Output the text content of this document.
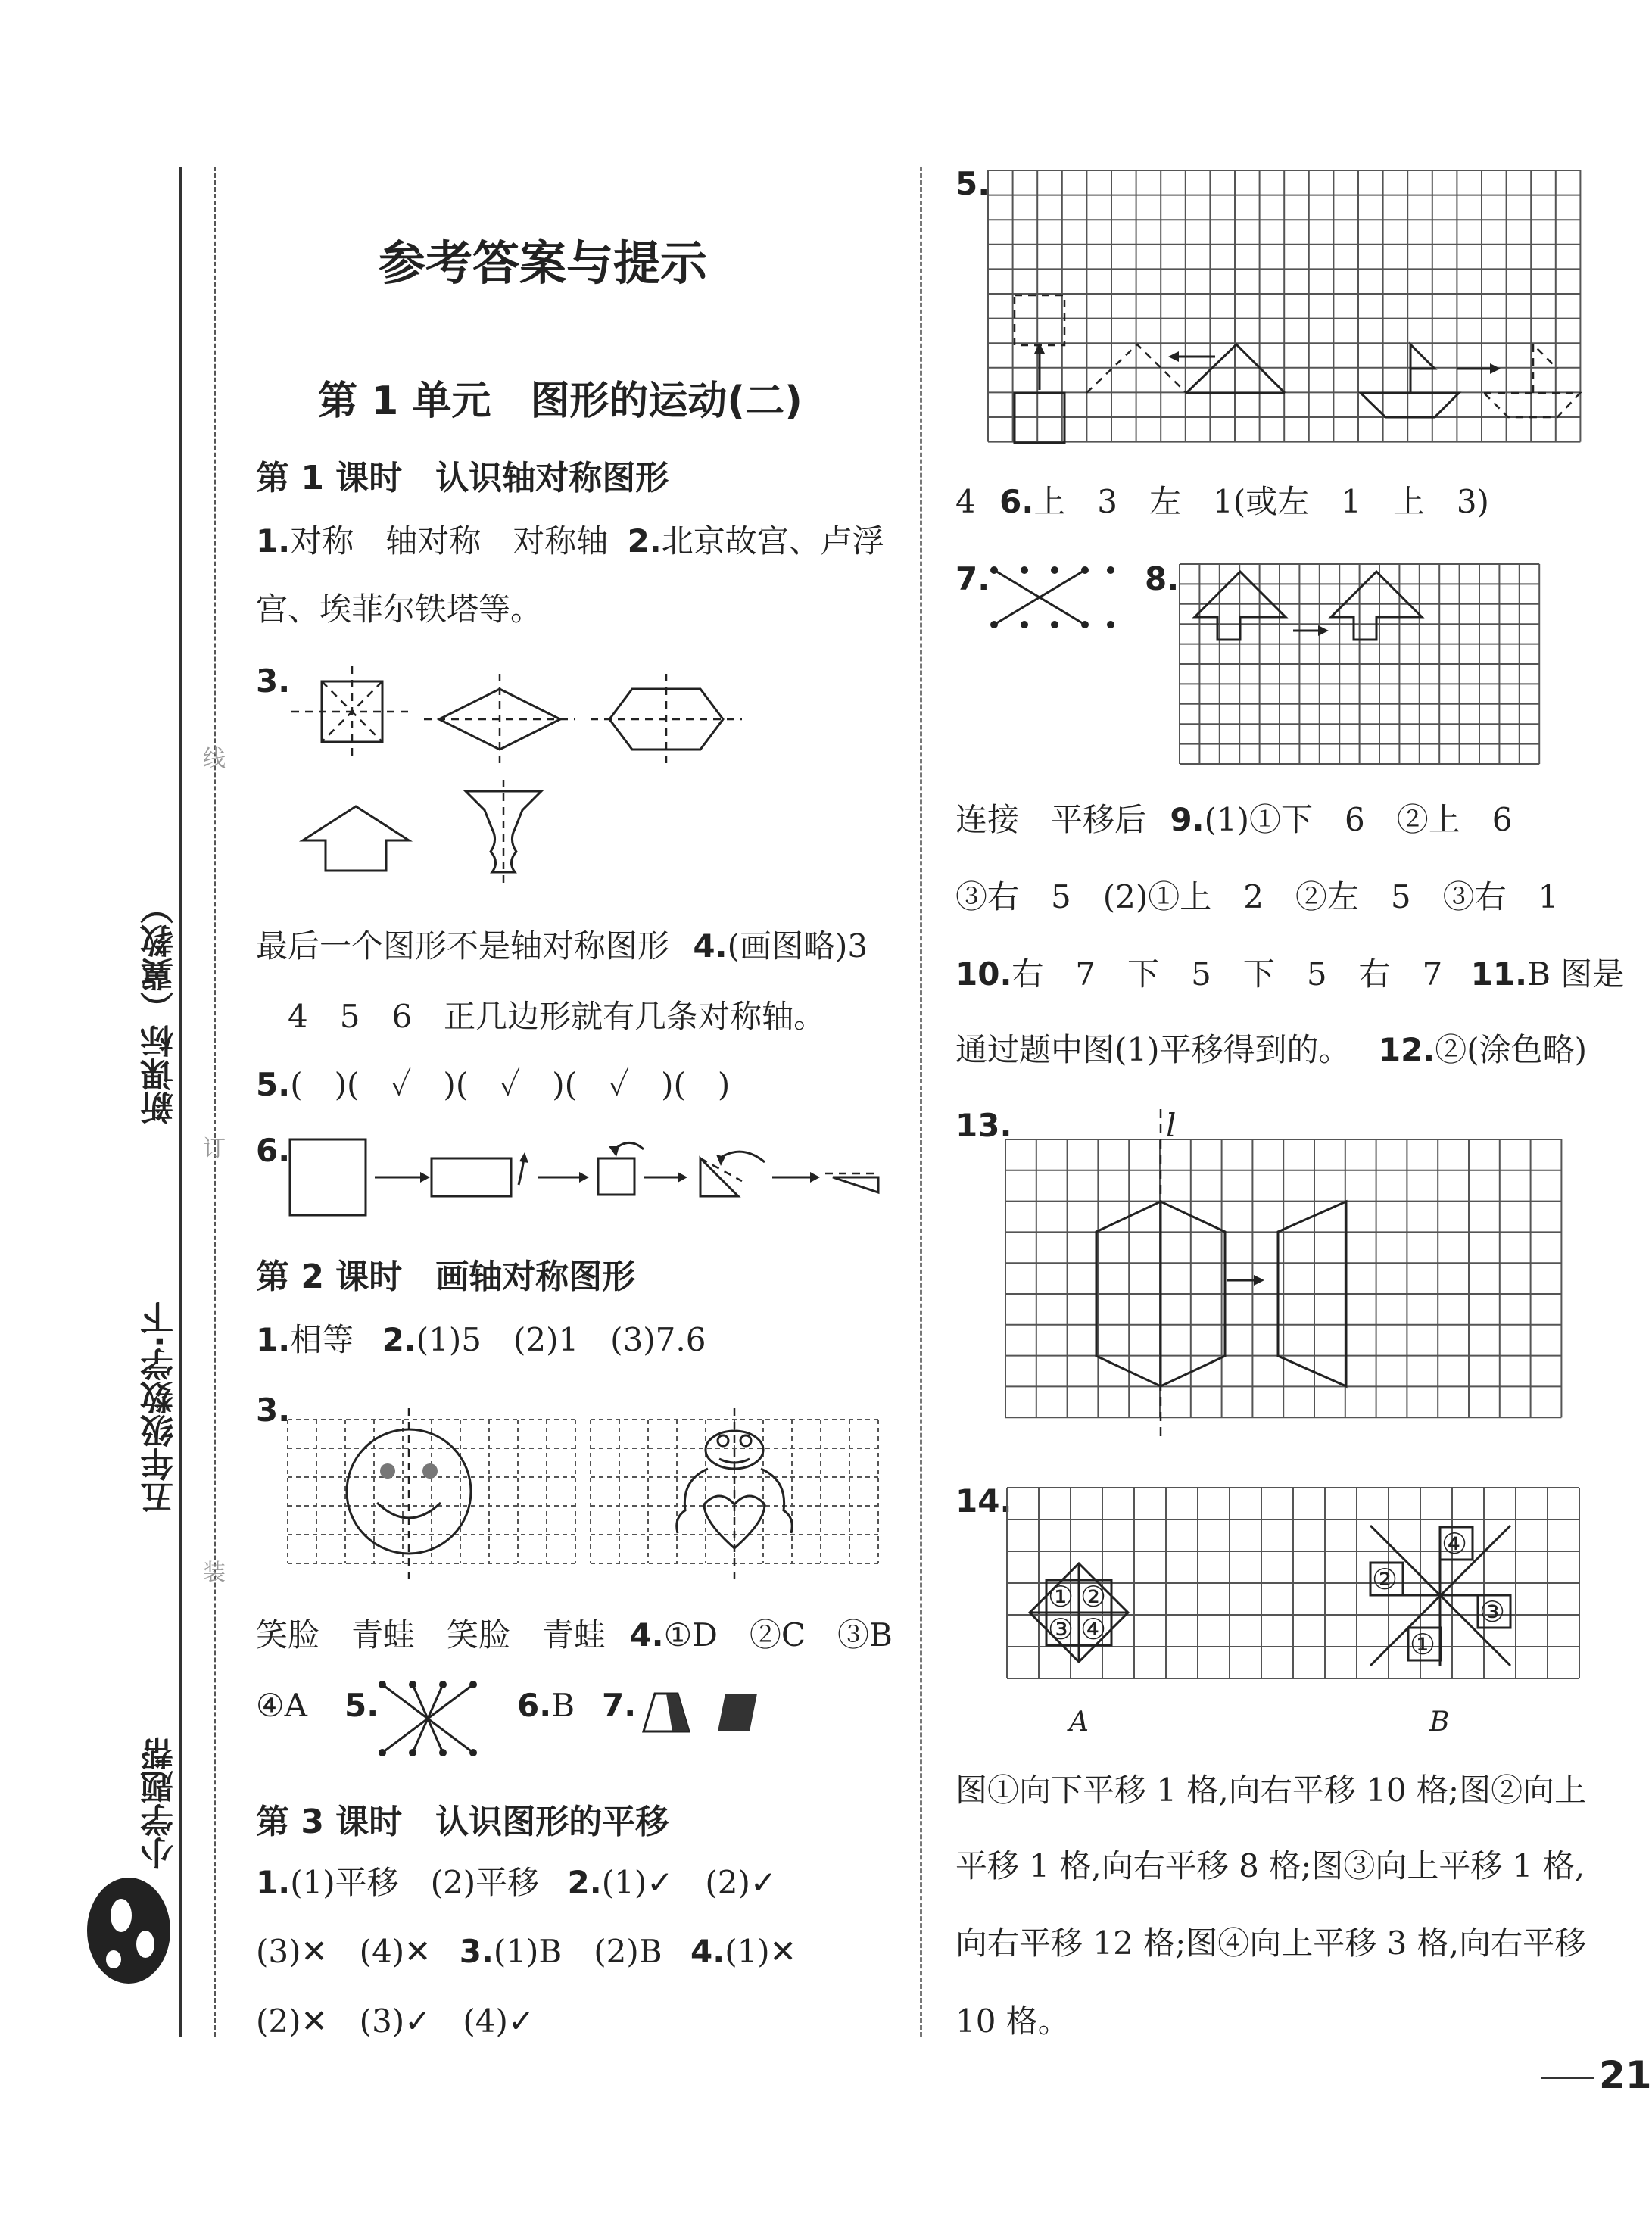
线
订
装
新课标（冀教）
五年级数学·下
小学题帮
参考答案与提示
第 1 单元　图形的运动(二)
第 1 课时　认识轴对称图形
1.对称　轴对称　对称轴 2.北京故宫、卢浮
宫、埃菲尔铁塔等。
3.
最后一个图形不是轴对称图形 4.(画图略)3
4　5　6　正几边形就有几条对称轴。
5.(　)(　✓　)(　✓　)(　✓　)(　)
6.
第 2 课时　画轴对称图形
1.相等 2.(1)5　(2)1　(3)7.6
3.
笑脸　青蛙　笑脸　青蛙 4.①D　②C　③B
④A 5.	6.B 7.
第 3 课时　认识图形的平移
1.(1)平移　(2)平移 2.(1)✓　(2)✓
(3)✕　(4)✕ 3.(1)B　(2)B 4.(1)✕
(2)✕　(3)✓　(4)✓
5.
4 6.上　3　左　1(或左　1　上　3)
7.	8.
连接　平移后 9.(1)①下　6　②上　6
③右　5　(2)①上　2　②左　5　③右　1
10.右　7　下　5　下　5　右　7 11.B 图是
通过题中图(1)平移得到的。 12.②(涂色略)
13.	l
14.
① ②
③ ④
④
②
③
①
A	B
图①向下平移 1 格,向右平移 10 格;图②向上
平移 1 格,向右平移 8 格;图③向上平移 1 格,
向右平移 12 格;图④向上平移 3 格,向右平移
10 格。
21
